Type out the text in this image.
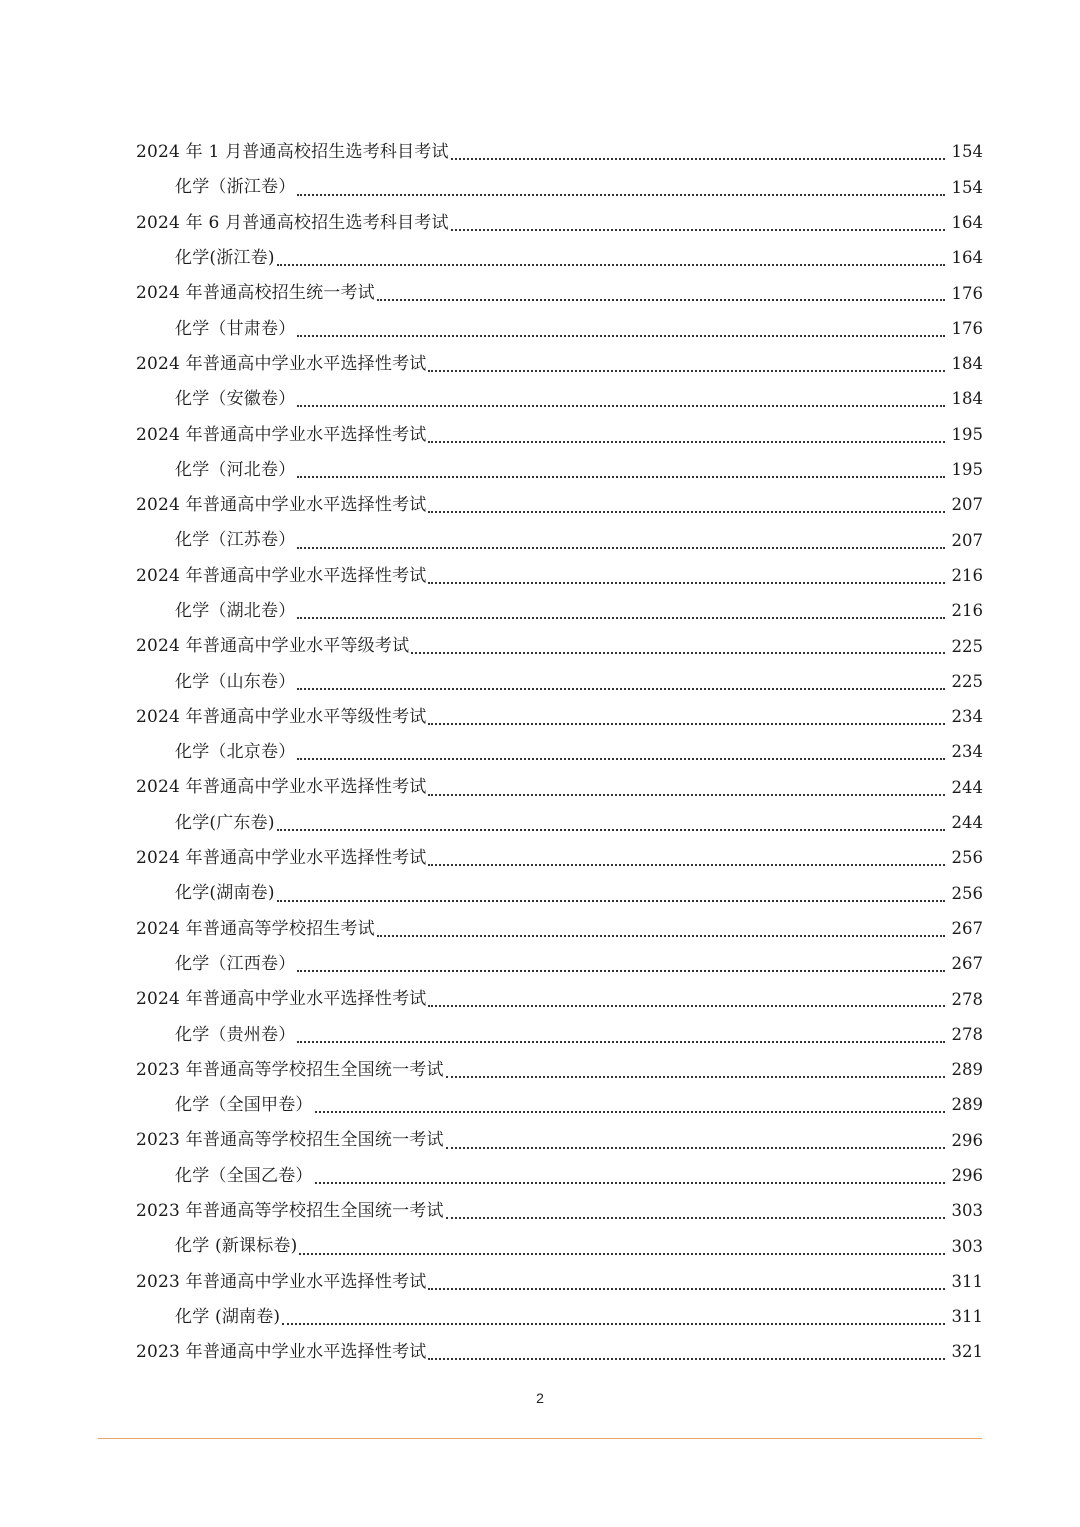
2024 年 1 月普通高校招生选考科目考试	154
化学（浙江卷）	154
2024 年 6 月普通高校招生选考科目考试	164
化学(浙江卷)	164
2024 年普通高校招生统一考试	176
化学（甘肃卷）	176
2024 年普通高中学业水平选择性考试	184
化学（安徽卷）	184
2024 年普通高中学业水平选择性考试	195
化学（河北卷）	195
2024 年普通高中学业水平选择性考试	207
化学（江苏卷）	207
2024 年普通高中学业水平选择性考试	216
化学（湖北卷）	216
2024 年普通高中学业水平等级考试	225
化学（山东卷）	225
2024 年普通高中学业水平等级性考试	234
化学（北京卷）	234
2024 年普通高中学业水平选择性考试	244
化学(广东卷)	244
2024 年普通高中学业水平选择性考试	256
化学(湖南卷)	256
2024 年普通高等学校招生考试	267
化学（江西卷）	267
2024 年普通高中学业水平选择性考试	278
化学（贵州卷）	278
2023 年普通高等学校招生全国统一考试	289
化学（全国甲卷）	289
2023 年普通高等学校招生全国统一考试	296
化学（全国乙卷）	296
2023 年普通高等学校招生全国统一考试	303
化学 (新课标卷)	303
2023 年普通高中学业水平选择性考试	311
化学 (湖南卷)	311
2023 年普通高中学业水平选择性考试	321
2
